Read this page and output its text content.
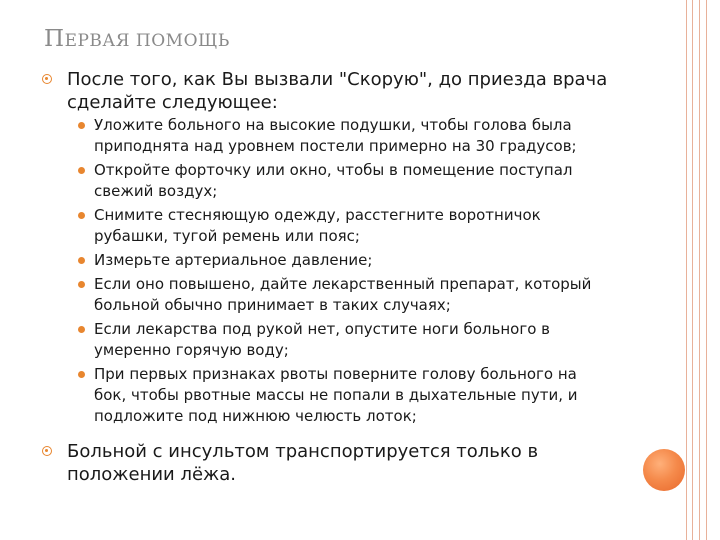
ПЕРВАЯ ПОМОЩЬ
После того, как Вы вызвали "Скорую", до приезда врача сделайте следующее:
Уложите больного на высокие подушки, чтобы голова была приподнята над уровнем постели примерно на 30 градусов;
Откройте форточку или окно, чтобы в помещение поступал свежий воздух;
Снимите стесняющую одежду, расстегните воротничок рубашки, тугой ремень или пояс;
Измерьте артериальное давление;
Если оно повышено, дайте лекарственный препарат, который больной обычно принимает в таких случаях;
Если лекарства под рукой нет, опустите ноги больного в умеренно горячую воду;
При первых признаках рвоты поверните голову больного на бок, чтобы рвотные массы не попали в дыхательные пути, и подложите под нижнюю челюсть лоток;
Больной с инсультом транспортируется только в положении лёжа.
